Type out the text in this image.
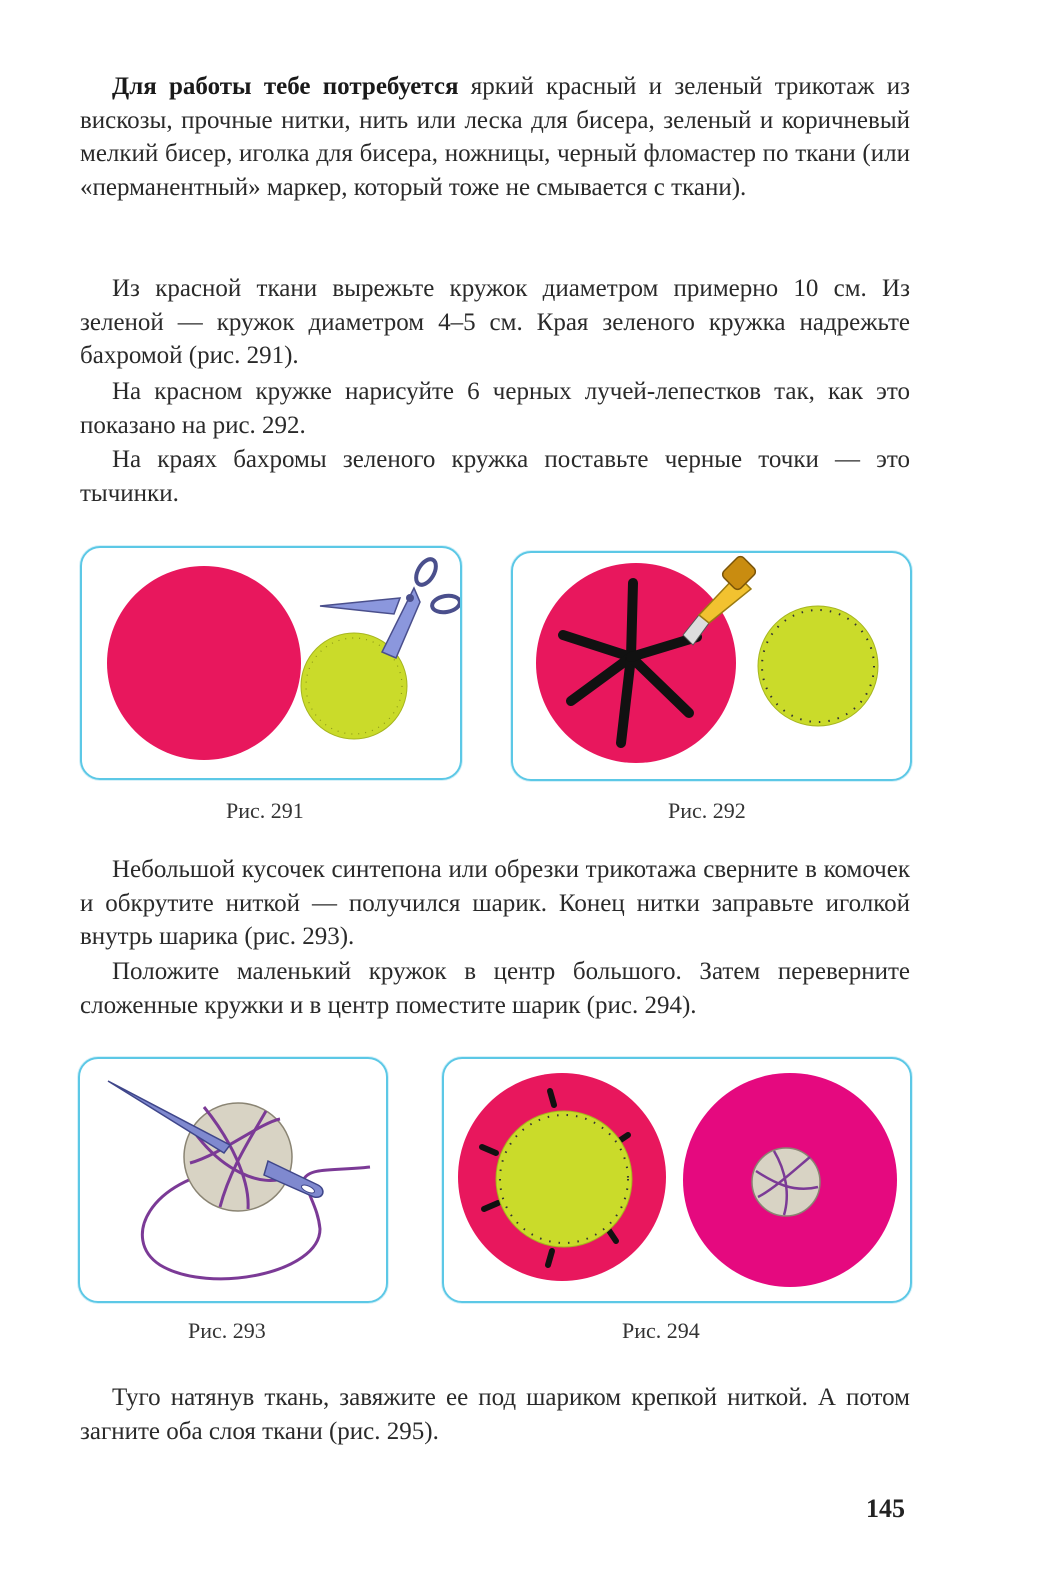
Для работы тебе потребуется яркий красный и зеленый трикотаж из вискозы, прочные нитки, нить или леска для бисера, зеленый и коричневый мелкий бисер, иголка для бисера, ножницы, черный фломастер по ткани (или «перманентный» маркер, который тоже не смывается с ткани).

Из красной ткани вырежьте кружок диаметром примерно 10 см. Из зеленой — кружок диаметром 4–5 см. Края зеленого кружка надрежьте бахромой (рис. 291).

На красном кружке нарисуйте 6 черных лучей-лепестков так, как это показано на рис. 292.

На краях бахромы зеленого кружка поставьте черные точки — это тычинки.

Рис. 291	Рис. 292

Небольшой кусочек синтепона или обрезки трикотажа сверните в комочек и обкрутите ниткой — получился шарик. Конец нитки заправьте иголкой внутрь шарика (рис. 293).

Положите маленький кружок в центр большого. Затем переверните сложенные кружки и в центр поместите шарик (рис. 294).

Рис. 293	Рис. 294

Туго натянув ткань, завяжите ее под шариком крепкой ниткой. А потом загните оба слоя ткани (рис. 295).

145
